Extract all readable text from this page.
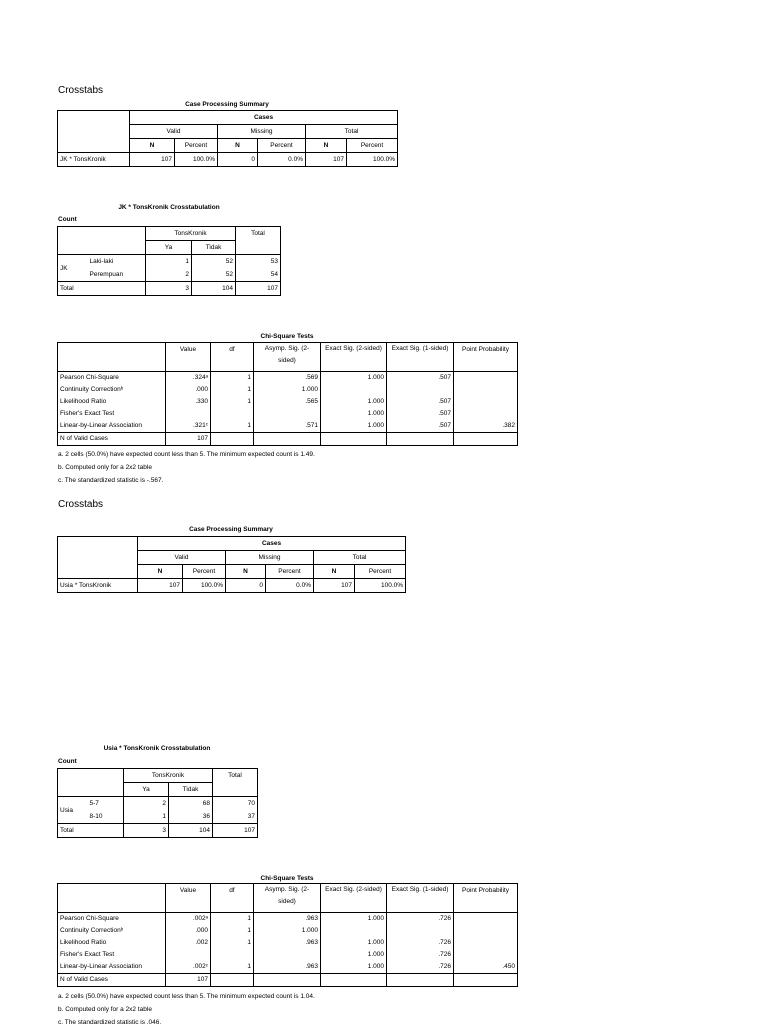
Crosstabs
Case Processing Summary
	Cases					
	Valid		Missing		Total	
	N	Percent	N	Percent	N	Percent
JK * TonsKronik	107	100.0%	0	0.0%	107	100.0%
JK * TonsKronik Crosstabulation
Count
		TonsKronik		Total
		Ya	Tidak	
JK	Laki-laki	1	52	53
	Perempuan	2	52	54
Total		3	104	107
Chi-Square Tests
	Value	df	Asymp. Sig. (2-sided)	Exact Sig. (2-sided)	Exact Sig. (1-sided)	Point Probability
Pearson Chi-Square	.324ᵃ	1	.569	1.000	.507	
Continuity Correctionᵇ	.000	1	1.000			
Likelihood Ratio	.330	1	.565	1.000	.507	
Fisher's Exact Test				1.000	.507	
Linear-by-Linear Association	.321ᶜ	1	.571	1.000	.507	.382
N of Valid Cases	107					
a. 2 cells (50.0%) have expected count less than 5. The minimum expected count is 1.49.
b. Computed only for a 2x2 table
c. The standardized statistic is -.567.
Crosstabs
Case Processing Summary
	Cases					
	Valid		Missing		Total	
	N	Percent	N	Percent	N	Percent
Usia * TonsKronik	107	100.0%	0	0.0%	107	100.0%
Usia * TonsKronik Crosstabulation
Count
		TonsKronik		Total
		Ya	Tidak	
Usia	5-7	2	68	70
	8-10	1	36	37
Total		3	104	107
Chi-Square Tests
	Value	df	Asymp. Sig. (2-sided)	Exact Sig. (2-sided)	Exact Sig. (1-sided)	Point Probability
Pearson Chi-Square	.002ᵃ	1	.963	1.000	.726	
Continuity Correctionᵇ	.000	1	1.000			
Likelihood Ratio	.002	1	.963	1.000	.726	
Fisher's Exact Test				1.000	.726	
Linear-by-Linear Association	.002ᶜ	1	.963	1.000	.726	.450
N of Valid Cases	107					
a. 2 cells (50.0%) have expected count less than 5. The minimum expected count is 1.04.
b. Computed only for a 2x2 table
c. The standardized statistic is .046.
